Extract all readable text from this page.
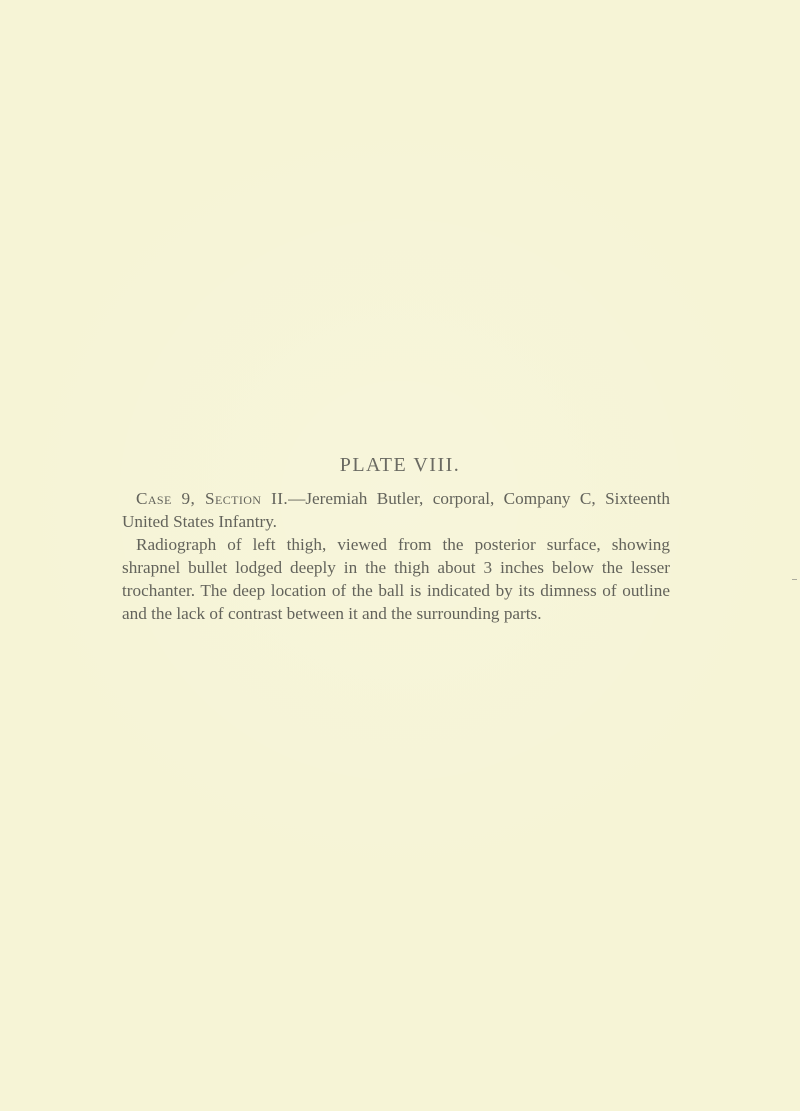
PLATE VIII.

Case 9, Section II.—Jeremiah Butler, corporal, Company C, Sixteenth United States Infantry.

Radiograph of left thigh, viewed from the posterior surface, showing shrapnel bullet lodged deeply in the thigh about 3 inches below the lesser trochanter. The deep location of the ball is indicated by its dimness of outline and the lack of contrast between it and the surrounding parts.
